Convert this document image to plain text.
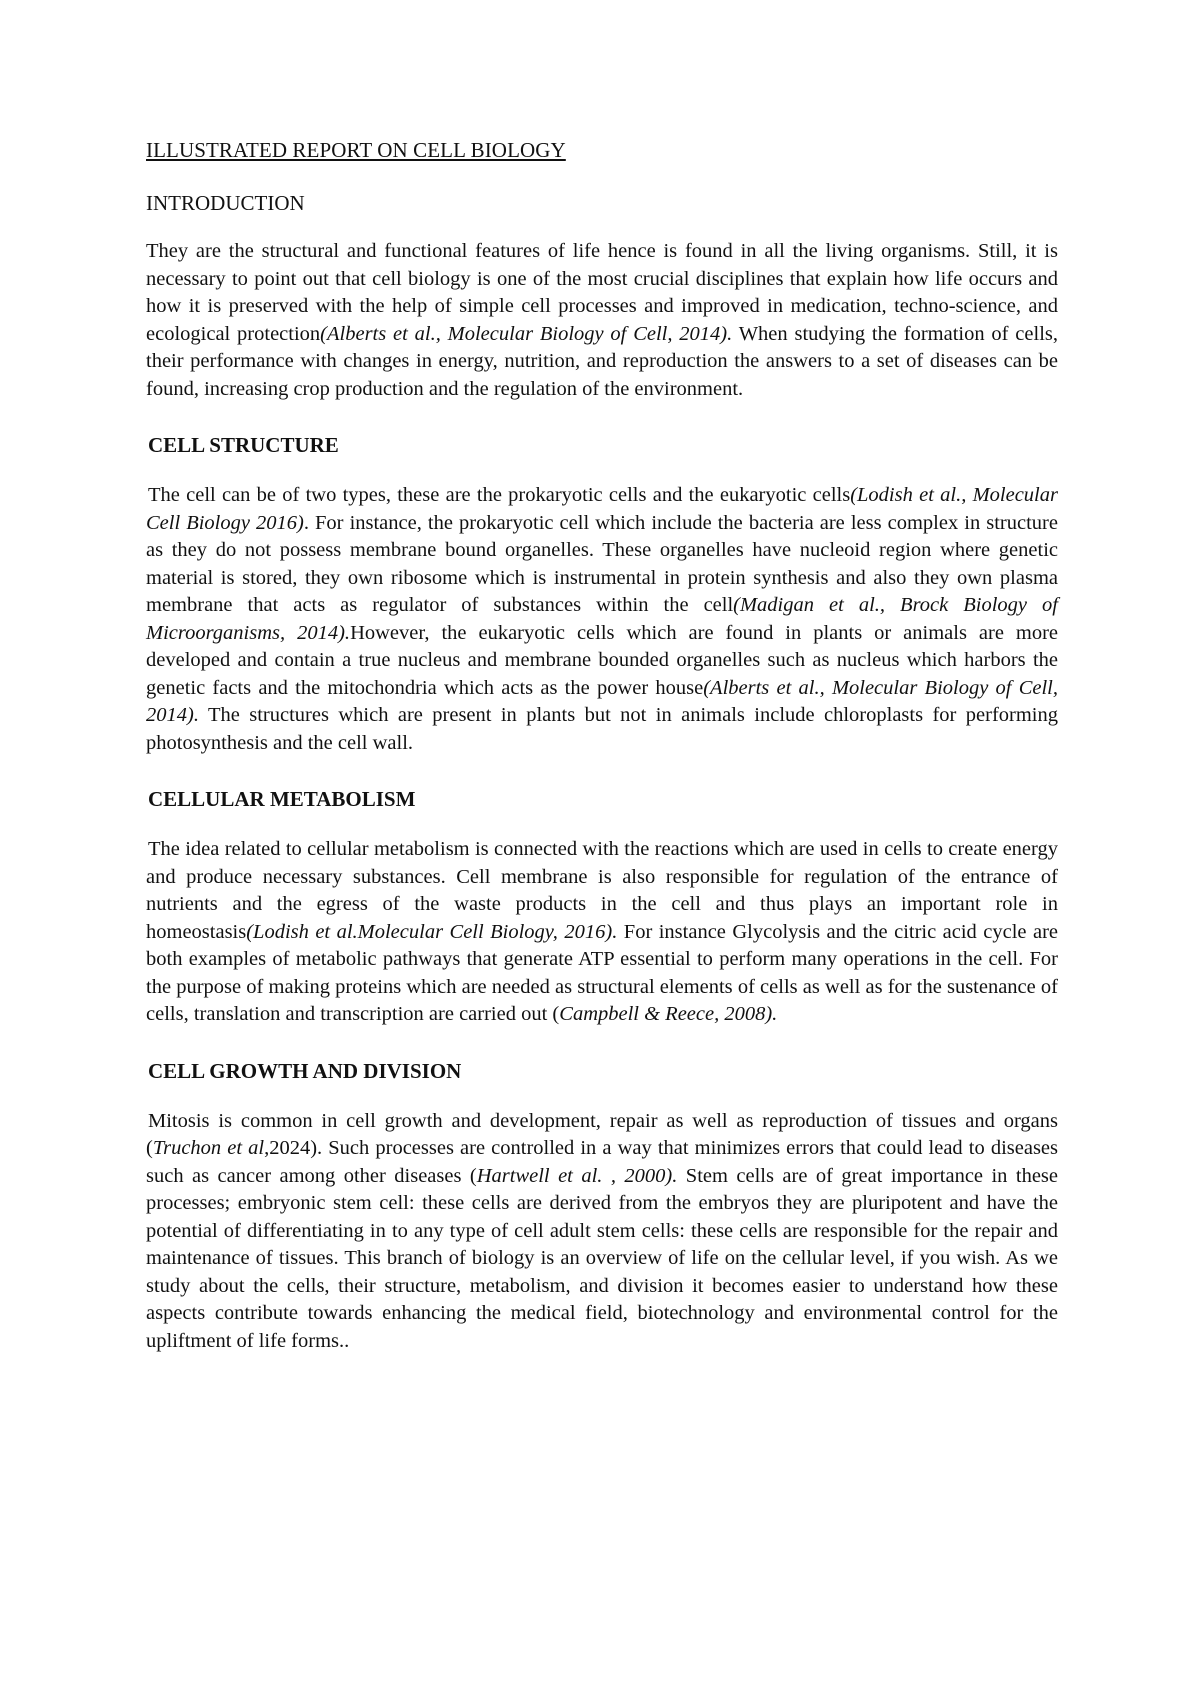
ILLUSTRATED REPORT ON CELL BIOLOGY
INTRODUCTION

They are the structural and functional features of life hence is found in all the living organisms. Still, it is necessary to point out that cell biology is one of the most crucial disciplines that explain how life occurs and how it is preserved with the help of simple cell processes and improved in medication, techno-science, and ecological protection(Alberts et al., Molecular Biology of Cell, 2014). When studying the formation of cells, their performance with changes in energy, nutrition, and reproduction the answers to a set of diseases can be found, increasing crop production and the regulation of the environment.

CELL STRUCTURE

The cell can be of two types, these are the prokaryotic cells and the eukaryotic cells(Lodish et al., Molecular Cell Biology 2016). For instance, the prokaryotic cell which include the bacteria are less complex in structure as they do not possess membrane bound organelles. These organelles have nucleoid region where genetic material is stored, they own ribosome which is instrumental in protein synthesis and also they own plasma membrane that acts as regulator of substances within the cell(Madigan et al., Brock Biology of Microorganisms, 2014).However, the eukaryotic cells which are found in plants or animals are more developed and contain a true nucleus and membrane bounded organelles such as nucleus which harbors the genetic facts and the mitochondria which acts as the power house(Alberts et al., Molecular Biology of Cell, 2014). The structures which are present in plants but not in animals include chloroplasts for performing photosynthesis and the cell wall.

CELLULAR METABOLISM

The idea related to cellular metabolism is connected with the reactions which are used in cells to create energy and produce necessary substances. Cell membrane is also responsible for regulation of the entrance of nutrients and the egress of the waste products in the cell and thus plays an important role in homeostasis(Lodish et al.Molecular Cell Biology, 2016). For instance Glycolysis and the citric acid cycle are both examples of metabolic pathways that generate ATP essential to perform many operations in the cell. For the purpose of making proteins which are needed as structural elements of cells as well as for the sustenance of cells, translation and transcription are carried out (Campbell & Reece, 2008).

CELL GROWTH AND DIVISION

Mitosis is common in cell growth and development, repair as well as reproduction of tissues and organs (Truchon et al,2024). Such processes are controlled in a way that minimizes errors that could lead to diseases such as cancer among other diseases (Hartwell et al. , 2000). Stem cells are of great importance in these processes; embryonic stem cell: these cells are derived from the embryos they are pluripotent and have the potential of differentiating in to any type of cell adult stem cells: these cells are responsible for the repair and maintenance of tissues. This branch of biology is an overview of life on the cellular level, if you wish. As we study about the cells, their structure, metabolism, and division it becomes easier to understand how these aspects contribute towards enhancing the medical field, biotechnology and environmental control for the upliftment of life forms..
